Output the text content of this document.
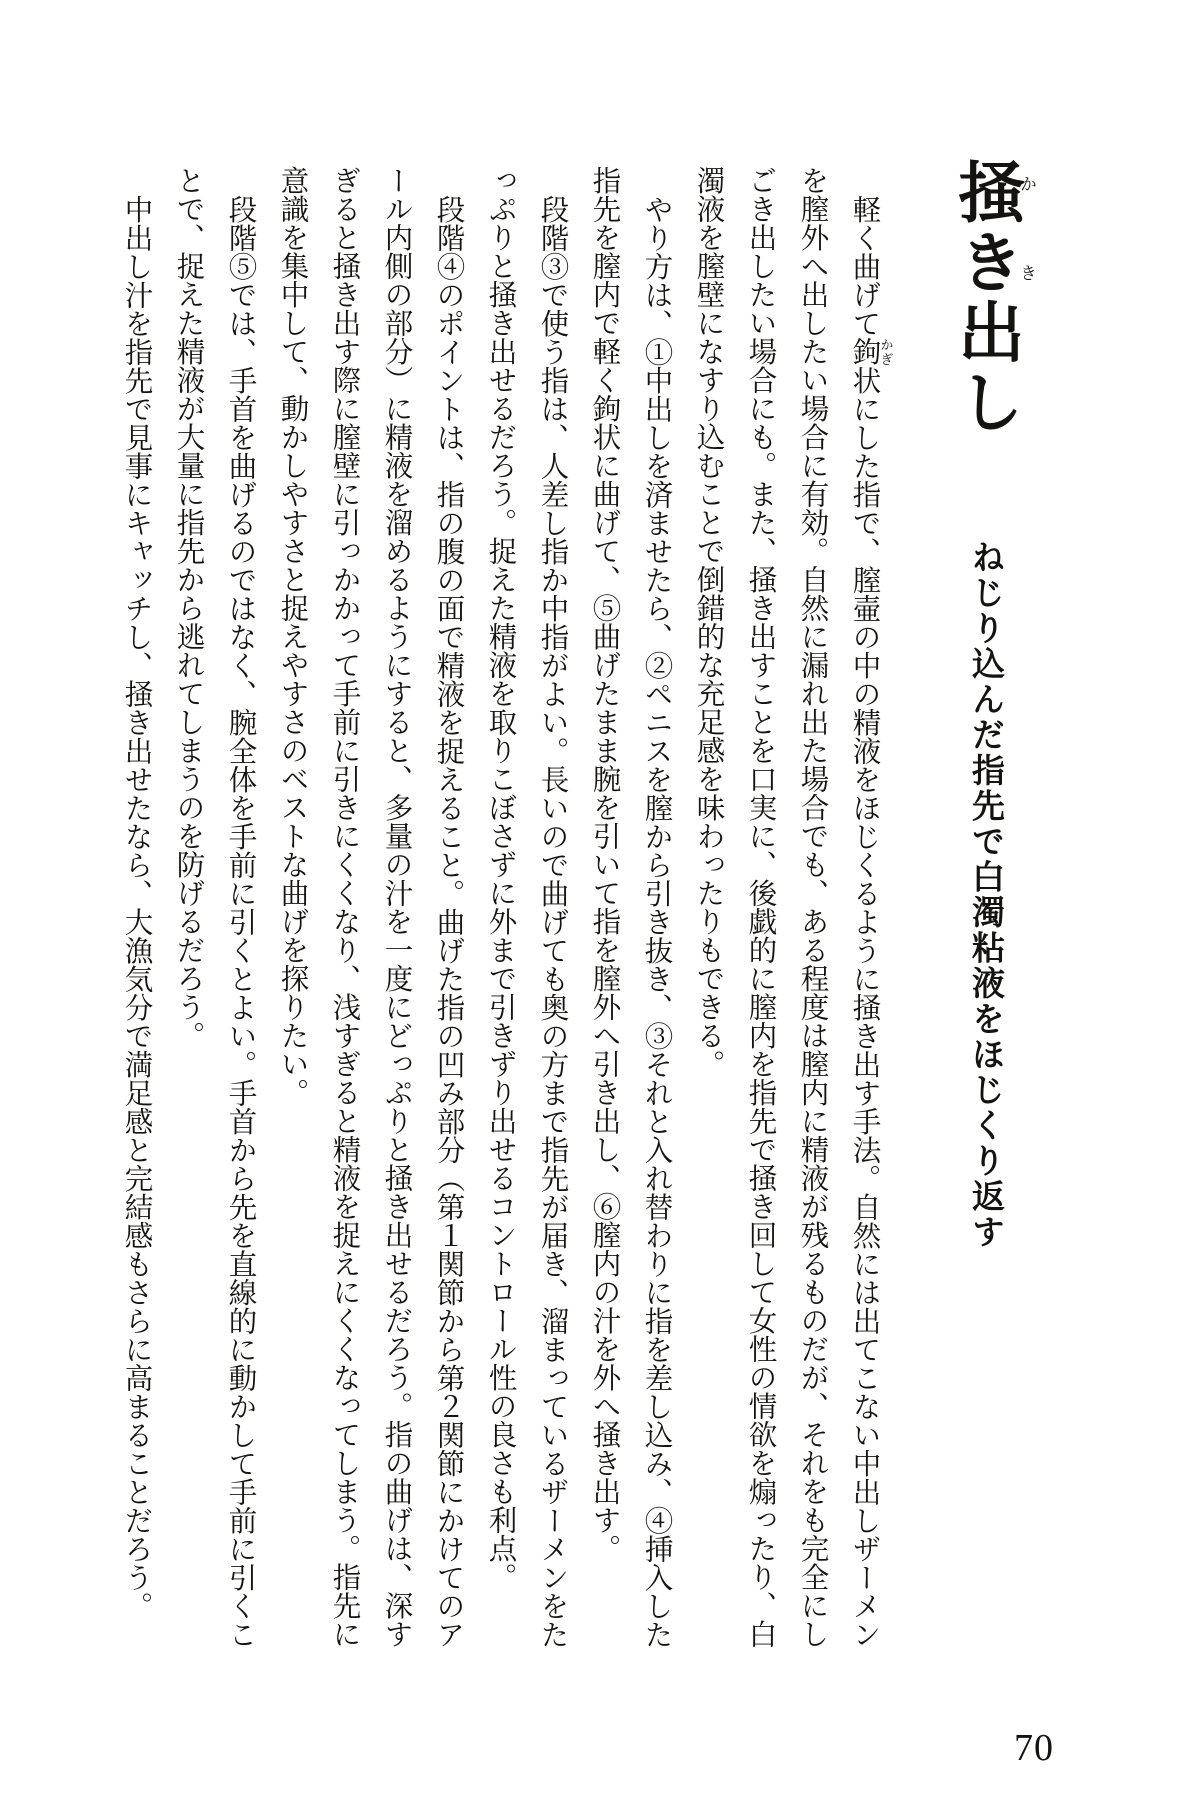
掻きかき出し
ねじり込んだ指先で白濁粘液をほじくり返す

軽く曲げて鉤 かぎ状にした指で、膣壷の中の精液をほじくるように掻き出す手法。自然には出てこない中出しザーメンを膣外へ出したい場合に有効。自然に漏れ出た場合でも、ある程度は膣内に精液が残るものだが、それをも完全にしごき出したい場合にも。また、掻き出すことを口実に、後戯的に膣内を指先で掻き回して女性の情欲を煽ったり、白濁液を膣壁になすり込むことで倒錯的な充足感を味わったりもできる。

やり方は、①中出しを済ませたら、②ペニスを膣から引き抜き、③それと入れ替わりに指を差し込み、④挿入した指先を膣内で軽く鉤状に曲げて、⑤曲げたまま腕を引いて指を膣外へ引き出し、⑥膣内の汁を外へ掻き出す。

段階③で使う指は、人差し指か中指がよい。長いので曲げても奥の方まで指先が届き、溜まっているザーメンをたっぷりと掻き出せるだろう。捉えた精液を取りこぼさずに外まで引きずり出せるコントロール性の良さも利点。

段階④のポイントは、指の腹の面で精液を捉えること。曲げた指の凹み部分（第１関節から第２関節にかけてのアール内側の部分）に精液を溜めるようにすると、多量の汁を一度にどっぷりと掻き出せるだろう。指の曲げは、深すぎると掻き出す際に膣壁に引っかかって手前に引きにくくなり、浅すぎると精液を捉えにくくなってしまう。指先に意識を集中して、動かしやすさと捉えやすさのベストな曲げを探りたい。

段階⑤では、手首を曲げるのではなく、腕全体を手前に引くとよい。手首から先を直線的に動かして手前に引くことで、捉えた精液が大量に指先から逃れてしまうのを防げるだろう。

中出し汁を指先で見事にキャッチし、掻き出せたなら、大漁気分で満足感と完結感もさらに高まることだろう。

70
